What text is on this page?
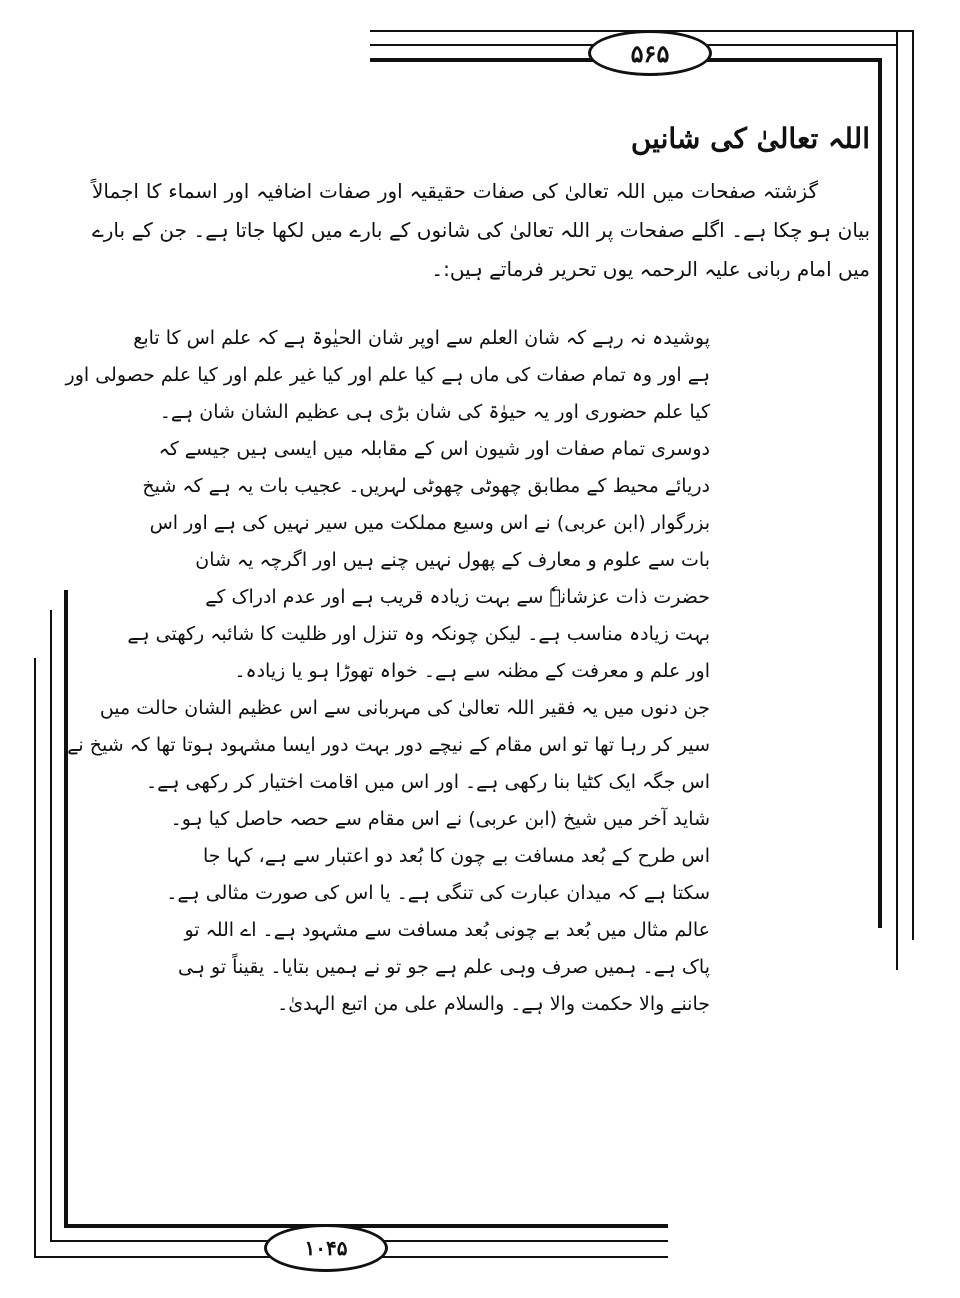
۵۶۵
۱۰۴۵
اللہ تعالیٰ کی شانیں
گزشتہ صفحات میں اللہ تعالیٰ کی صفات حقیقیہ اور صفات اضافیہ اور اسماء کا اجمالاً بیان ہو چکا ہے۔ اگلے صفحات پر اللہ تعالیٰ کی شانوں کے بارے میں لکھا جاتا ہے۔ جن کے بارے میں امام ربانی علیہ الرحمہ یوں تحریر فرماتے ہیں:۔
پوشیدہ نہ رہے کہ شان العلم سے اوپر شان الحیٰوۃ ہے کہ علم اس کا تابع
ہے اور وہ تمام صفات کی ماں ہے کیا علم اور کیا غیر علم اور کیا علم حصولی اور
کیا علم حضوری اور یہ حیوٰۃ کی شان بڑی ہی عظیم الشان شان ہے۔
دوسری تمام صفات اور شیون اس کے مقابلہ میں ایسی ہیں جیسے کہ
دریائے محیط کے مطابق چھوٹی چھوٹی لہریں۔ عجیب بات یہ ہے کہ شیخ
بزرگوار (ابن عربی) نے اس وسیع مملکت میں سیر نہیں کی ہے اور اس
بات سے علوم و معارف کے پھول نہیں چنے ہیں اور اگرچہ یہ شان
حضرت ذات عزشانہٗ سے بہت زیادہ قریب ہے اور عدم ادراک کے
بہت زیادہ مناسب ہے۔ لیکن چونکہ وہ تنزل اور ظلیت کا شائبہ رکھتی ہے
اور علم و معرفت کے مظنہ سے ہے۔ خواہ تھوڑا ہو یا زیادہ۔
جن دنوں میں یہ فقیر اللہ تعالیٰ کی مہربانی سے اس عظیم الشان حالت میں
سیر کر رہا تھا تو اس مقام کے نیچے دور بہت دور ایسا مشہود ہوتا تھا کہ شیخ نے
اس جگہ ایک کٹیا بنا رکھی ہے۔ اور اس میں اقامت اختیار کر رکھی ہے۔
شاید آخر میں شیخ (ابن عربی) نے اس مقام سے حصہ حاصل کیا ہو۔
اس طرح کے بُعد مسافت بے چون کا بُعد دو اعتبار سے ہے، کہا جا
سکتا ہے کہ میدان عبارت کی تنگی ہے۔ یا اس کی صورت مثالی ہے۔
عالم مثال میں بُعد بے چونی بُعد مسافت سے مشہود ہے۔ اے اللہ تو
پاک ہے۔ ہمیں صرف وہی علم ہے جو تو نے ہمیں بتایا۔ یقیناً تو ہی
جاننے والا حکمت والا ہے۔ والسلام علی من اتبع الہدیٰ۔
